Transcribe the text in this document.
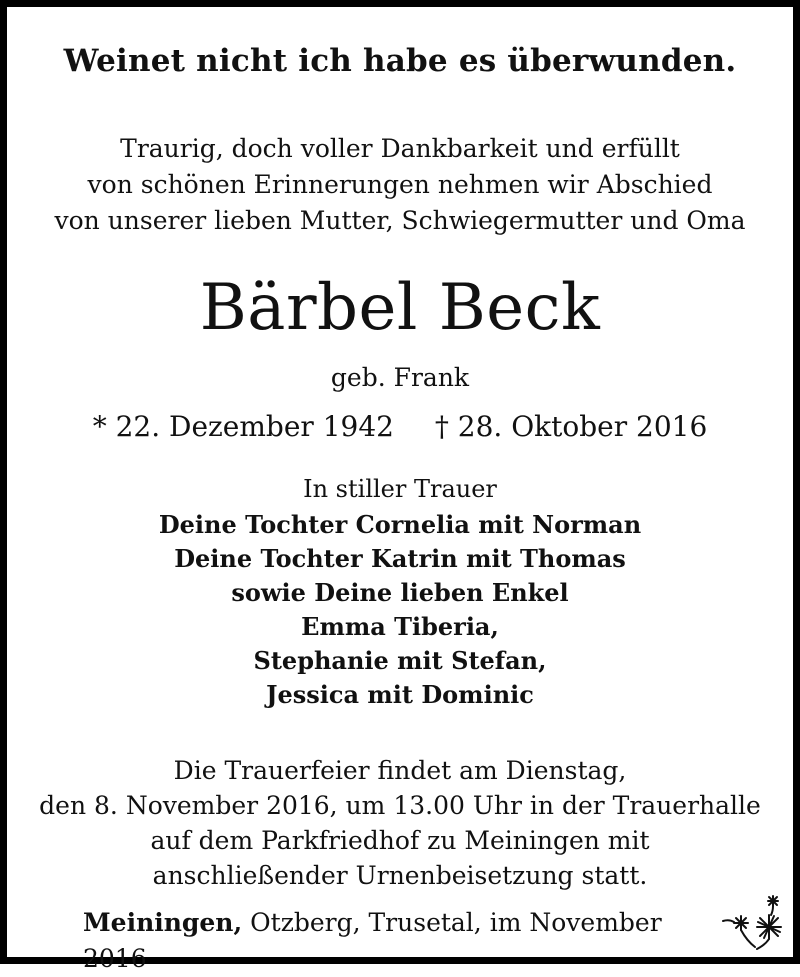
Weinet nicht ich habe es überwunden.
Traurig, doch voller Dankbarkeit und erfüllt
von schönen Erinnerungen nehmen wir Abschied
von unserer lieben Mutter, Schwiegermutter und Oma
Bärbel Beck
geb. Frank
* 22. Dezember 1942 † 28. Oktober 2016
In stiller Trauer
Deine Tochter Cornelia mit Norman
Deine Tochter Katrin mit Thomas
sowie Deine lieben Enkel
Emma Tiberia,
Stephanie mit Stefan,
Jessica mit Dominic
Die Trauerfeier findet am Dienstag,
den 8. November 2016, um 13.00 Uhr in der Trauerhalle
auf dem Parkfriedhof zu Meiningen mit
anschließender Urnenbeisetzung statt.
Meiningen, Otzberg, Trusetal, im November 2016
